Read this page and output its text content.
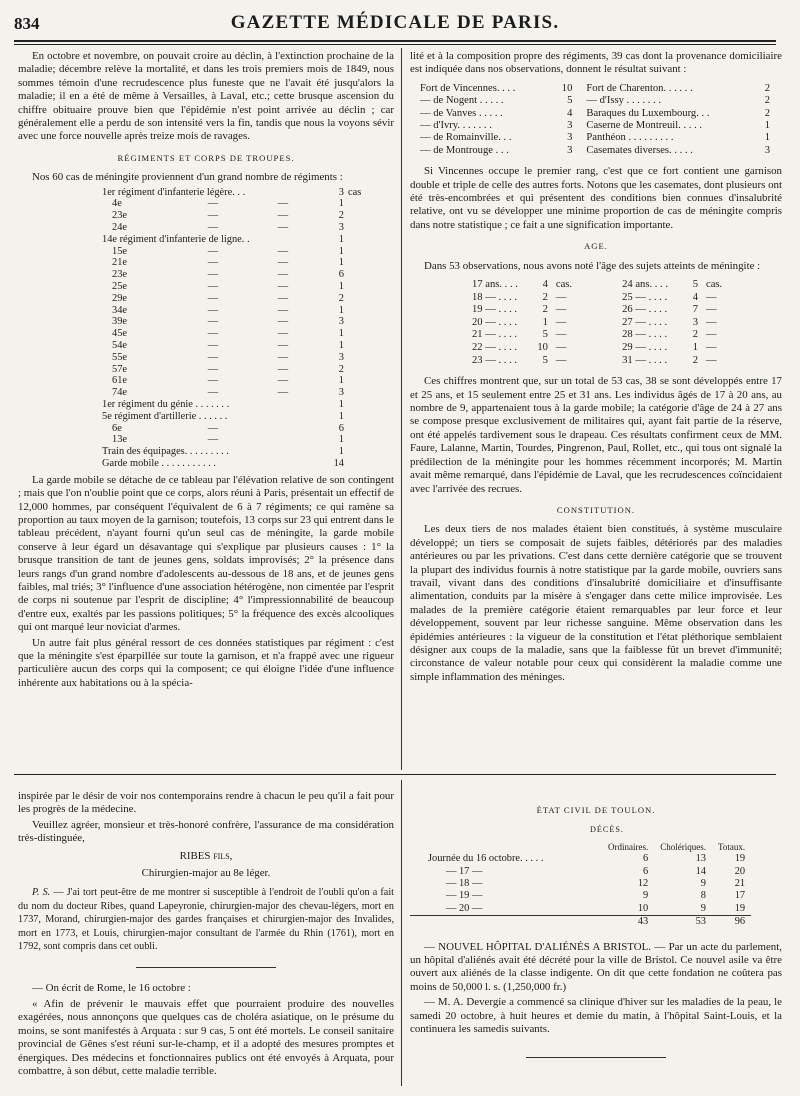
834	GAZETTE MÉDICALE DE PARIS.

En octobre et novembre, on pouvait croire au déclin, à l'extinction prochaine de la maladie; décembre relève la mortalité, et dans les trois premiers mois de 1849, nous sommes témoin d'une recrudescence plus funeste que ne l'avait été jusqu'alors la maladie; il en a été de même à Versailles, à Laval, etc.; cette brusque ascension du chiffre obituaire prouve bien que l'épidémie n'est point arrivée au déclin ; car généralement elle a perdu de son intensité vers la fin, tandis que nous la voyons sévir avec une force nouvelle après treize mois de ravages.

RÉGIMENTS ET CORPS DE TROUPES.

Nos 60 cas de méningite proviennent d'un grand nombre de régiments :

1er régiment d'infanterie légère. . .			3	cas
4e	—	—	1	
23e	—	—	2	
24e	—	—	3	
14e régiment d'infanterie de ligne. .			1	
15e	—	—	1	
21e	—	—	1	
23e	—	—	6	
25e	—	—	1	
29e	—	—	2	
34e	—	—	1	
39e	—	—	3	
45e	—	—	1	
54e	—	—	1	
55e	—	—	3	
57e	—	—	2	
61e	—	—	1	
74e	—	—	3	
1er régiment du génie . . . . . . .			1	
5e régiment d'artillerie . . . . . .			1	
6e	—		6	
13e	—		1	
Train des équipages. . . . . . . . .			1	
Garde mobile . . . . . . . . . . .			14	

La garde mobile se détache de ce tableau par l'élévation relative de son contingent ; mais que l'on n'oublie point que ce corps, alors réuni à Paris, présentait un effectif de 12,000 hommes, par conséquent l'équivalent de 6 à 7 régiments; ce qui ramène sa proportion au taux moyen de la garnison; toutefois, 13 corps sur 23 qui entrent dans le tableau précédent, n'ayant fourni qu'un seul cas de méningite, la garde mobile conserve à leur égard un désavantage qui s'explique par plusieurs causes : 1° la brusque transition de tant de jeunes gens, soldats improvisés; 2° la présence dans leurs rangs d'un grand nombre d'adolescents au-dessous de 18 ans, et de jeunes gens faibles, mal triés; 3° l'influence d'une association hétérogène, non cimentée par l'esprit de corps ni soutenue par l'esprit de discipline; 4° l'impressionnabilité de beaucoup d'entre eux, exaltés par les passions politiques; 5° la fréquence des excès alcooliques qui ont marqué leur noviciat d'armes.

Un autre fait plus général ressort de ces données statistiques par régiment : c'est que la méningite s'est éparpillée sur toute la garnison, et n'a frappé avec une rigueur particulière aucun des corps qui la composent; ce qui éloigne l'idée d'une influence inhérente aux habitations ou à la spécia-

lité et à la composition propre des régiments, 39 cas dont la provenance domiciliaire est indiquée dans nos observations, donnent le résultat suivant :

Fort de Vincennes. . . .	10	Fort de Charenton. . . . . .	2
— de Nogent . . . . .	5	— d'Issy . . . . . . .	2
— de Vanves . . . . .	4	Baraques du Luxembourg. . .	2
— d'Ivry. . . . . . .	3	Caserne de Montreuil. . . . .	1
— de Romainville. . .	3	Panthéon . . . . . . . . .	1
— de Montrouge . . .	3	Casemates diverses. . . . .	3

Si Vincennes occupe le premier rang, c'est que ce fort contient une garnison double et triple de celle des autres forts. Notons que les casemates, dont plusieurs ont été très-encombrées et qui présentent des conditions bien connues d'insalubrité relative, ont vu se développer une minime proportion de cas de méningite compris dans notre statistique ; ce fait a une signification importante.

AGE.

Dans 53 observations, nous avons noté l'âge des sujets atteints de méningite :

17 ans. . . .	4	cas.		24 ans. . . .	5	cas.
18 — . . . .	2	—		25 — . . . .	4	—
19 — . . . .	2	—		26 — . . . .	7	—
20 — . . . .	1	—		27 — . . . .	3	—
21 — . . . .	5	—		28 — . . . .	2	—
22 — . . . .	10	—		29 — . . . .	1	—
23 — . . . .	5	—		31 — . . . .	2	—

Ces chiffres montrent que, sur un total de 53 cas, 38 se sont développés entre 17 et 25 ans, et 15 seulement entre 25 et 31 ans. Les individus âgés de 17 à 20 ans, au nombre de 9, appartenaient tous à la garde mobile; la catégorie d'âge de 24 à 27 ans se compose presque exclusivement de militaires qui, ayant fait partie de la réserve, ont été appelés tardivement sous le drapeau. Ces résultats confirment ceux de MM. Faure, Lalanne, Martin, Tourdes, Pingrenon, Paul, Rollet, etc., qui tous ont signalé la prédilection de la méningite pour les hommes récemment incorporés; M. Martin avait même remarqué, dans l'épidémie de Laval, que les recrudescences coïncidaient avec l'arrivée des recrues.

CONSTITUTION.

Les deux tiers de nos malades étaient bien constitués, à système musculaire développé; un tiers se composait de sujets faibles, détériorés par des maladies antérieures ou par les privations. C'est dans cette dernière catégorie que se trouvent la plupart des individus fournis à notre statistique par la garde mobile, ouvriers sans travail, vivant dans des conditions d'insalubrité domiciliaire et d'insuffisante alimentation, conduits par la misère à s'engager dans cette milice improvisée. Les malades de la première catégorie étaient remarquables par leur force et leur développement, souvent par leur richesse sanguine. Même observation dans les épidémies antérieures : la vigueur de la constitution et l'état pléthorique semblaient désigner aux coups de la maladie, sans que la faiblesse fût un brevet d'immunité; circonstance de valeur notable pour ceux qui considèrent la maladie comme une simple inflammation des méninges.

inspirée par le désir de voir nos contemporains rendre à chacun le peu qu'il a fait pour les progrès de la médecine.

Veuillez agréer, monsieur et très-honoré confrère, l'assurance de ma considération très-distinguée,

RIBES fils,
Chirurgien-major au 8e léger.

P. S. — J'ai tort peut-être de me montrer si susceptible à l'endroit de l'oubli qu'on a fait du nom du docteur Ribes, quand Lapeyronie, chirurgien-major des chevau-légers, mort en 1737, Morand, chirurgien-major des gardes françaises et chirurgien-major des Invalides, mort en 1773, et Louis, chirurgien-major consultant de l'armée du Rhin (1761), mort en 1792, sont compris dans cet oubli.

— On écrit de Rome, le 16 octobre :

« Afin de prévenir le mauvais effet que pourraient produire des nouvelles exagérées, nous annonçons que quelques cas de choléra asiatique, on le présume du moins, se sont manifestés à Arquata : sur 9 cas, 5 ont été mortels. Le conseil sanitaire provincial de Gênes s'est réuni sur-le-champ, et il a adopté des mesures promptes et énergiques. Des médecins et fonctionnaires publics ont été envoyés à Arquata, pour combattre, à son début, cette maladie terrible.

ÉTAT CIVIL DE TOULON.
DÉCÈS.
	Ordinaires.	Cholériques.	Totaux.
Journée du 16 octobre. . . . .	6	13	19
— 17 —	6	14	20
— 18 —	12	9	21
— 19 —	9	8	17
— 20 —	10	9	19
	43	53	96

— NOUVEL HÔPITAL D'ALIÉNÉS A BRISTOL. — Par un acte du parlement, un hôpital d'aliénés avait été décrété pour la ville de Bristol. Ce nouvel asile va être ouvert aux aliénés de la classe indigente. On dit que cette fondation ne coûtera pas moins de 50,000 l. s. (1,250,000 fr.)

— M. A. Devergie a commencé sa clinique d'hiver sur les maladies de la peau, le samedi 20 octobre, à huit heures et demie du matin, à l'hôpital Saint-Louis, et la continuera les samedis suivants.
